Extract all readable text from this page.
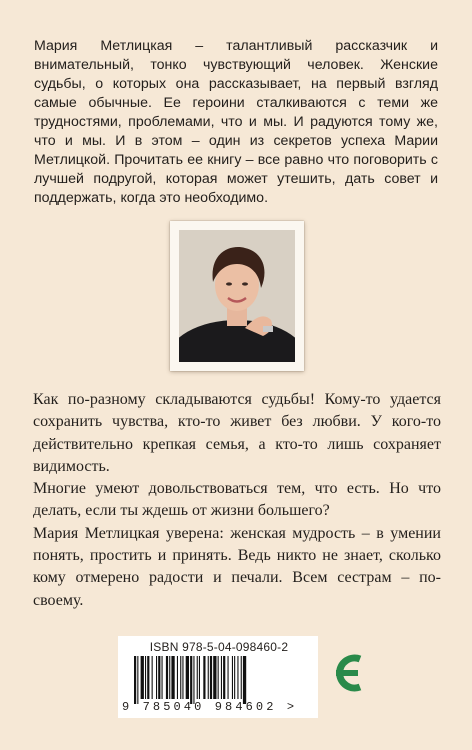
Мария Метлицкая – талантливый рассказчик и внимательный, тонко чувствующий человек. Женские судьбы, о которых она рассказывает, на первый взгляд самые обычные. Ее героини сталкиваются с теми же трудностями, проблемами, что и мы. И радуются тому же, что и мы. И в этом – один из секретов успеха Марии Метлицкой. Прочитать ее книгу – все равно что поговорить с лучшей подругой, которая может утешить, дать совет и поддержать, когда это необходимо.

Как по-разному складываются судьбы! Кому-то удается сохранить чувства, кто-то живет без любви. У кого-то действительно крепкая семья, а кто-то лишь сохраняет видимость.

Многие умеют довольствоваться тем, что есть. Но что делать, если ты ждешь от жизни большего?

Мария Метлицкая уверена: женская мудрость – в умении понять, простить и принять. Ведь никто не знает, сколько кому отмерено радости и печали. Всем сестрам – по-своему.

ISBN 978-5-04-098460-2
9 785040 984602 >
